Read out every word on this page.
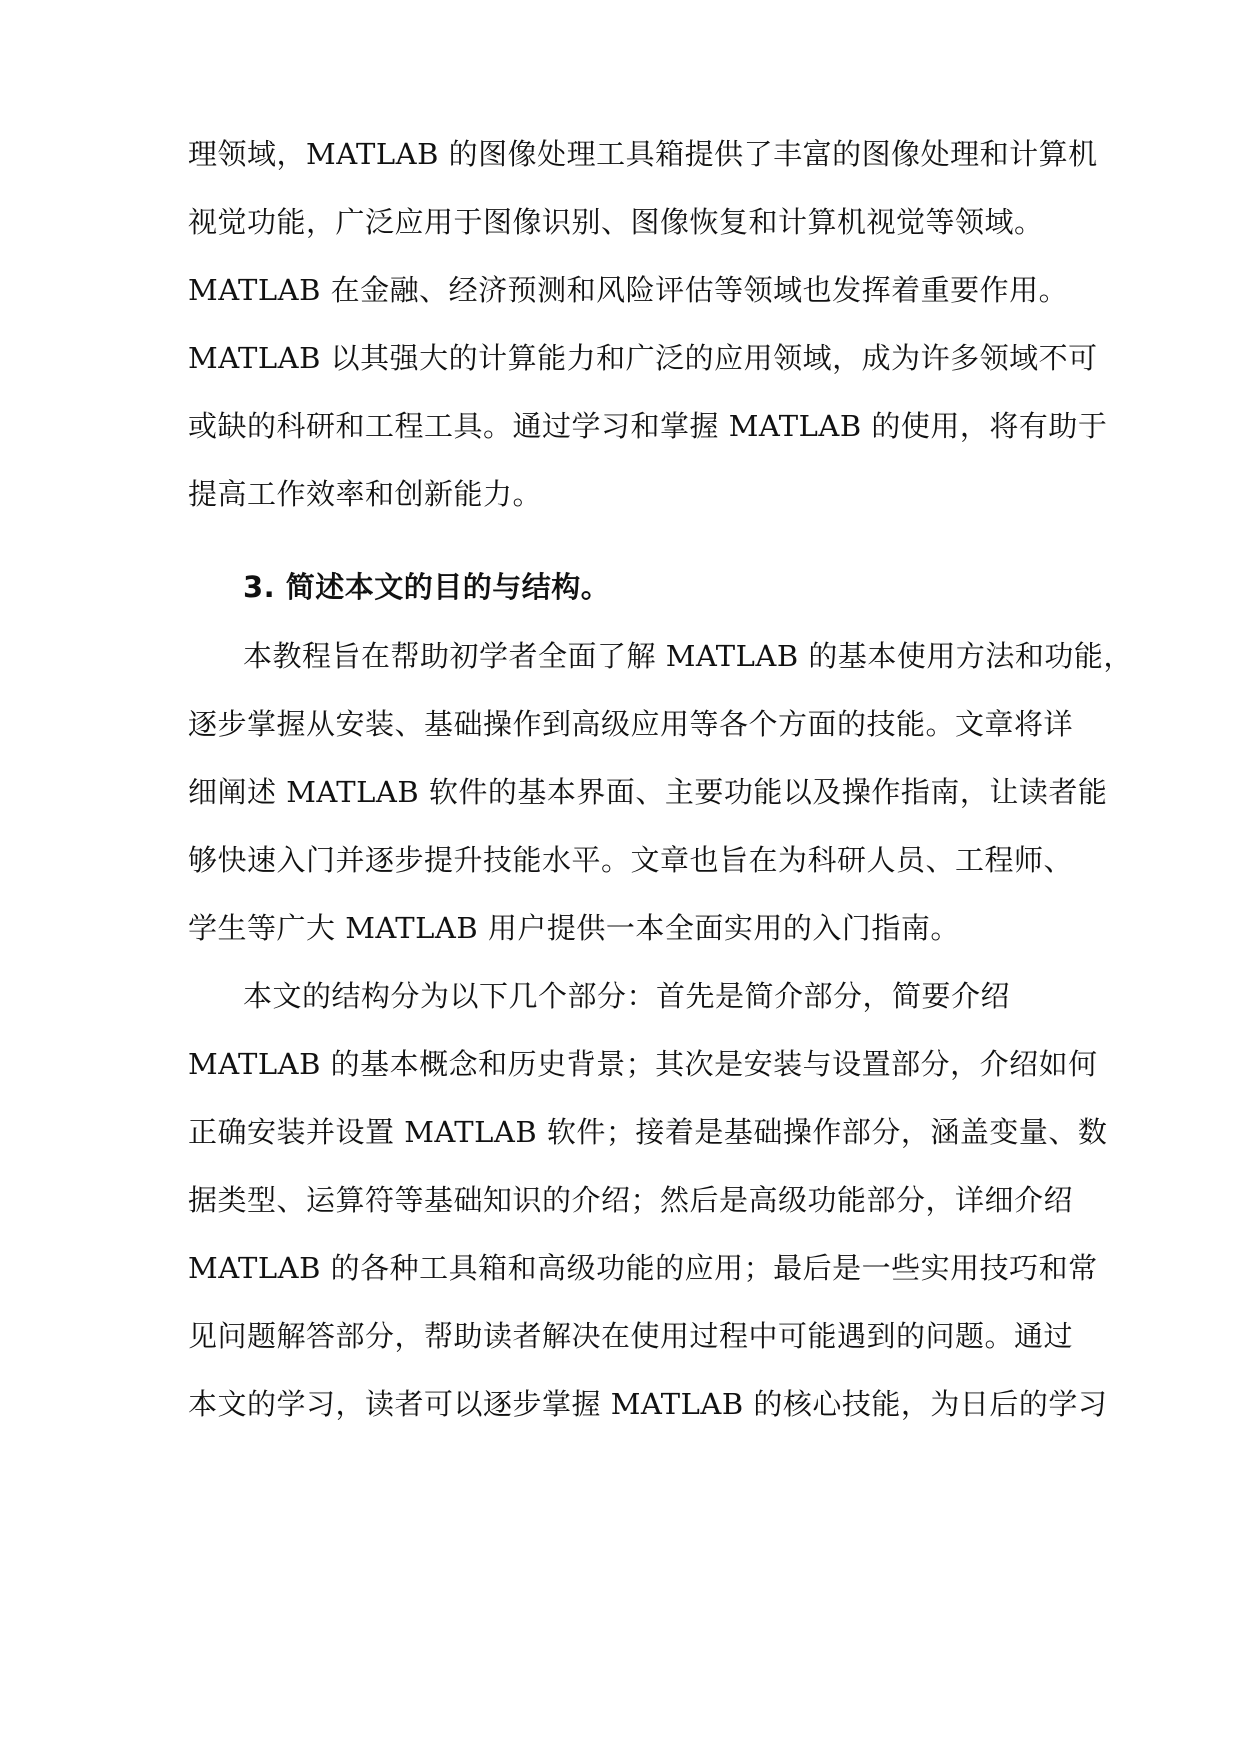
理领域，MATLAB 的图像处理工具箱提供了丰富的图像处理和计算机
视觉功能，广泛应用于图像识别、图像恢复和计算机视觉等领域。
MATLAB 在金融、经济预测和风险评估等领域也发挥着重要作用。
MATLAB 以其强大的计算能力和广泛的应用领域，成为许多领域不可
或缺的科研和工程工具。通过学习和掌握 MATLAB 的使用，将有助于
提高工作效率和创新能力。
3. 简述本文的目的与结构。
本教程旨在帮助初学者全面了解 MATLAB 的基本使用方法和功能，
逐步掌握从安装、基础操作到高级应用等各个方面的技能。文章将详
细阐述 MATLAB 软件的基本界面、主要功能以及操作指南，让读者能
够快速入门并逐步提升技能水平。文章也旨在为科研人员、工程师、
学生等广大 MATLAB 用户提供一本全面实用的入门指南。
本文的结构分为以下几个部分：首先是简介部分，简要介绍
MATLAB 的基本概念和历史背景；其次是安装与设置部分，介绍如何
正确安装并设置 MATLAB 软件；接着是基础操作部分，涵盖变量、数
据类型、运算符等基础知识的介绍；然后是高级功能部分，详细介绍
MATLAB 的各种工具箱和高级功能的应用；最后是一些实用技巧和常
见问题解答部分，帮助读者解决在使用过程中可能遇到的问题。通过
本文的学习，读者可以逐步掌握 MATLAB 的核心技能，为日后的学习
